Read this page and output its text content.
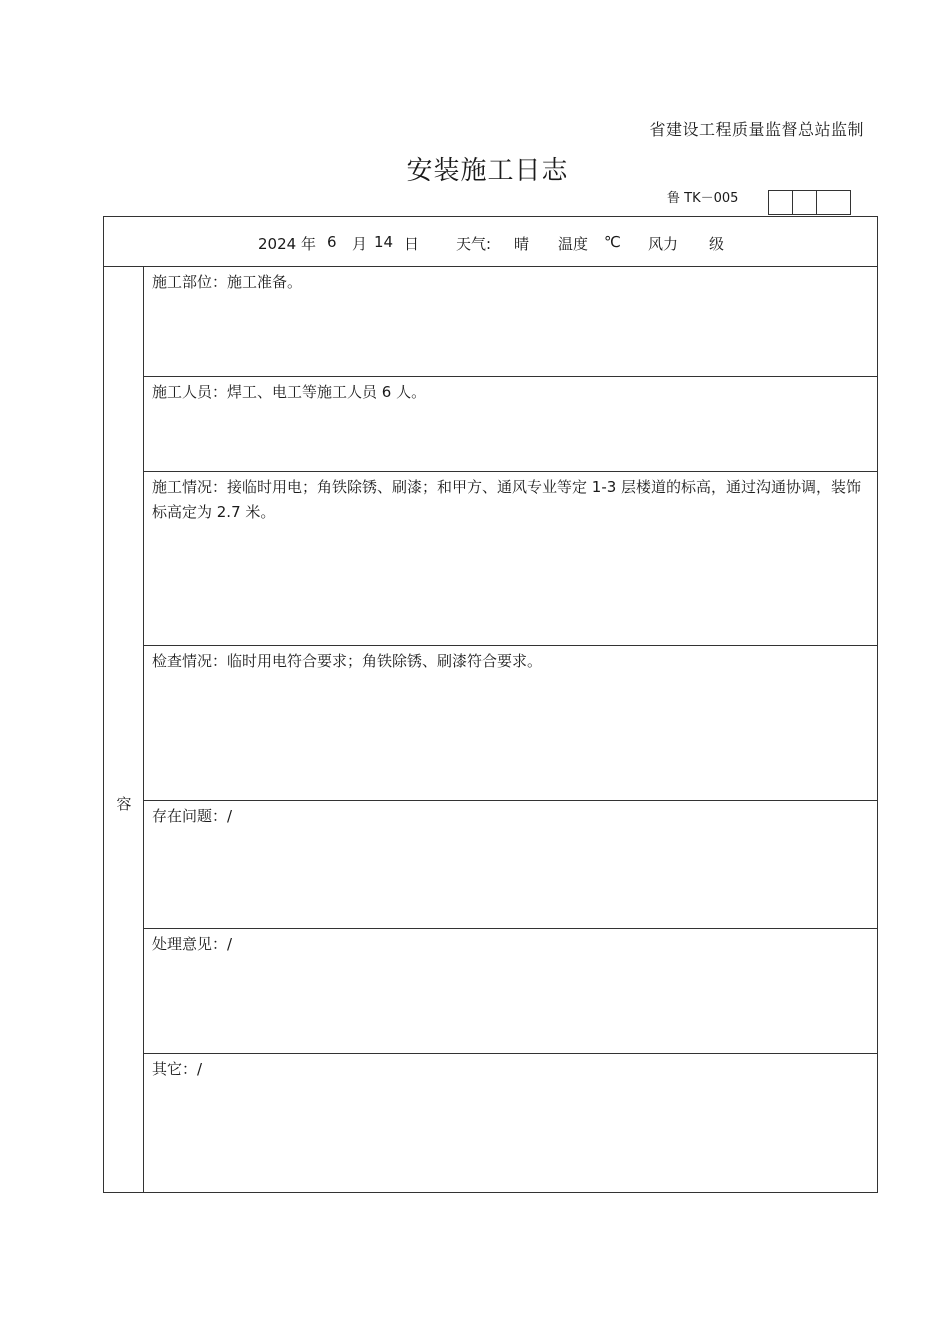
省建设工程质量监督总站监制
安装施工日志
鲁 TK－005
2024 年 6 月 14 日 天气: 晴 温度 ℃ 风力 级
容
施工部位：施工准备。
施工人员：焊工、电工等施工人员 6 人。
施工情况：接临时用电；角铁除锈、刷漆；和甲方、通风专业等定 1-3 层楼道的标高，通过沟通协调，装饰标高定为 2.7 米。
检查情况：临时用电符合要求；角铁除锈、刷漆符合要求。
存在问题：/
处理意见：/
其它：/
